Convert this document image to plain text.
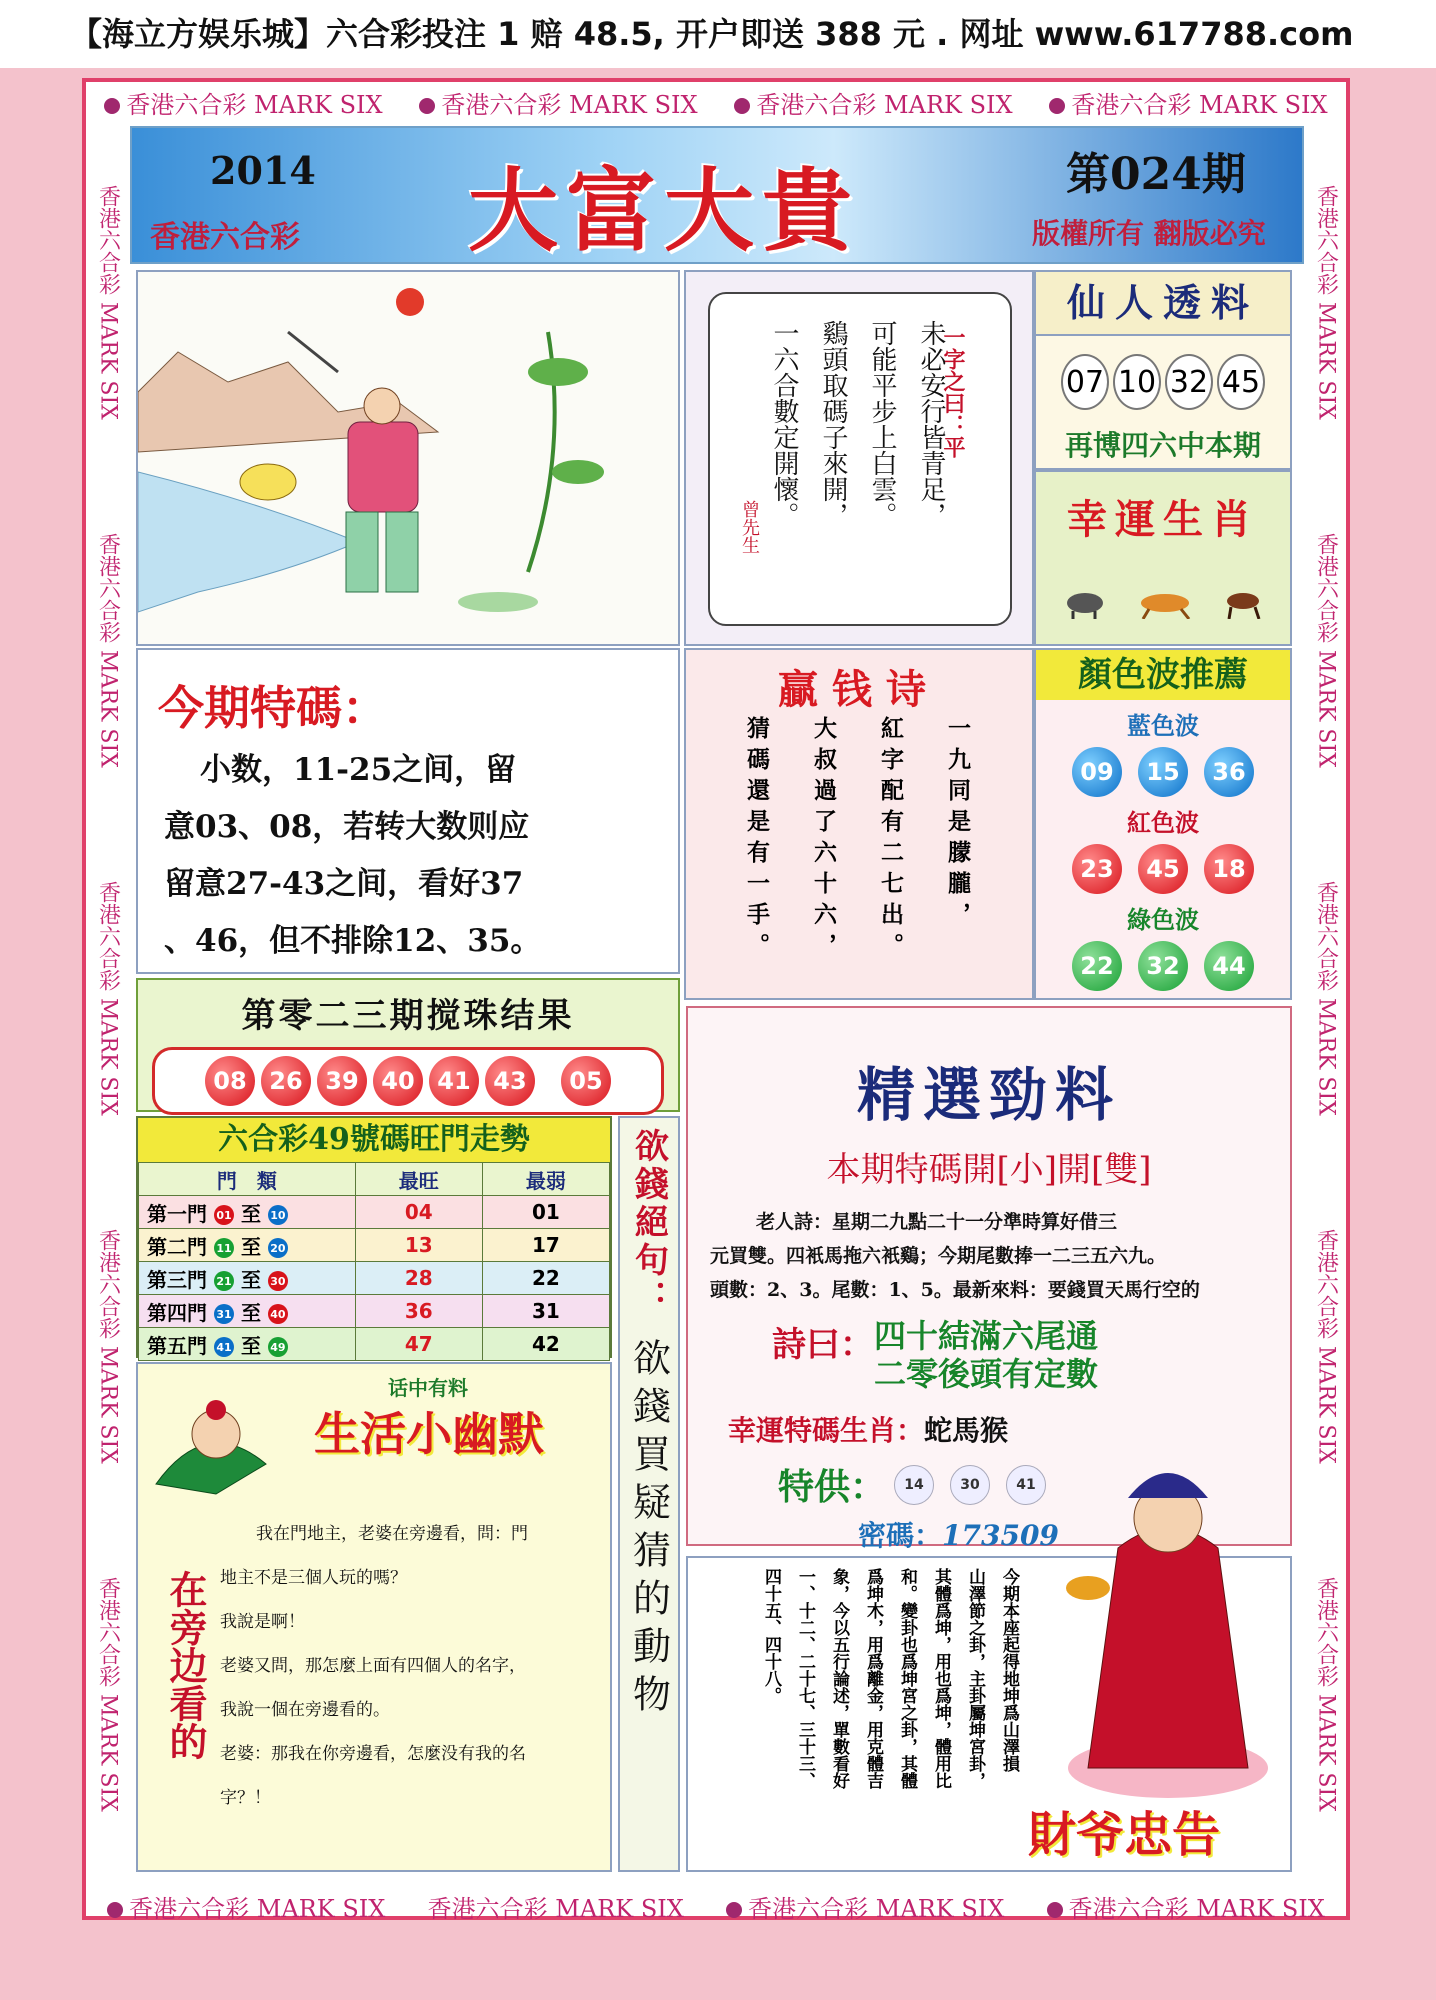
【海立方娱乐城】六合彩投注 1 赔 48.5, 开户即送 388 元 . 网址 www.617788.com
香港六合彩 MARK SIX	香港六合彩 MARK SIX	香港六合彩 MARK SIX	香港六合彩 MARK SIX
香港六合彩 MARK SIX 香港六合彩 MARK SIX	香港六合彩 MARK SIX	香港六合彩 MARK SIX
香港六合彩 MARK SIX
香港六合彩 MARK SIX
香港六合彩 MARK SIX
香港六合彩 MARK SIX
香港六合彩 MARK SIX
香港六合彩 MARK SIX
香港六合彩 MARK SIX
香港六合彩 MARK SIX
香港六合彩 MARK SIX
香港六合彩 MARK SIX
2014
香港六合彩 大富大貴	第024期
版權所有 翻版必究
一字之曰：平
未必安行皆青足，
可能平步上白雲。
鷄頭取碼子來開，
一六合數定開懷。
曾先生
仙人透料
07 10 32 45
再博四六中本期
幸運生肖
今期特碼：
小数，11-25之间，留
意03、08，若转大数则应
留意27-43之间，看好37
、46，但不排除12、35。
贏钱诗
一九同是朦朧，
紅字配有二七出。
大叔過了六十六，
猜碼還是有一手。
顏色波推薦
藍色波
09 15 36
紅色波
23 45 18
綠色波
22 32 44
第零二三期搅珠结果
08 26 39 40 41 43	05
六合彩49號碼旺門走勢
門　類	最旺	最弱
第一門 01 至 10	04	01
第二門 11 至 20	13	17
第三門 21 至 30	28	22
第四門 31 至 40	36	31
第五門 41 至 49	47	42
欲錢絕句：
欲錢買疑猜的動物
话中有料
生活小幽默
在旁边看的
我在門地主，老婆在旁邊看，問：門
地主不是三個人玩的嗎？
我說是啊！
老婆又問，那怎麼上面有四個人的名字，
我說一個在旁邊看的。
老婆：那我在你旁邊看，怎麼没有我的名
字？！
精選勁料
本期特碼開[小]開[雙]
老人詩：星期二九點二十一分準時算好借三
元買雙。四衹馬拖六衹鷄；今期尾數捧一二三五六九。
頭數：2、3。尾數：1、5。最新來料：要錢買天馬行空的
詩曰： 四十結滿六尾通
二零後頭有定數
幸運特碼生肖：蛇馬猴
特供：	14	30	41
密碼：173509
今期本座起得地坤爲山澤損
山澤節之卦，主卦屬坤宮卦，
其體爲坤，用也爲坤，體用比
和。變卦也爲坤宮之卦，其體
爲坤木，用爲離金，用克體吉
象，今以五行論述，單數看好
一、十二、二十七、三十三、
四十五、四十八。
財爷忠告
